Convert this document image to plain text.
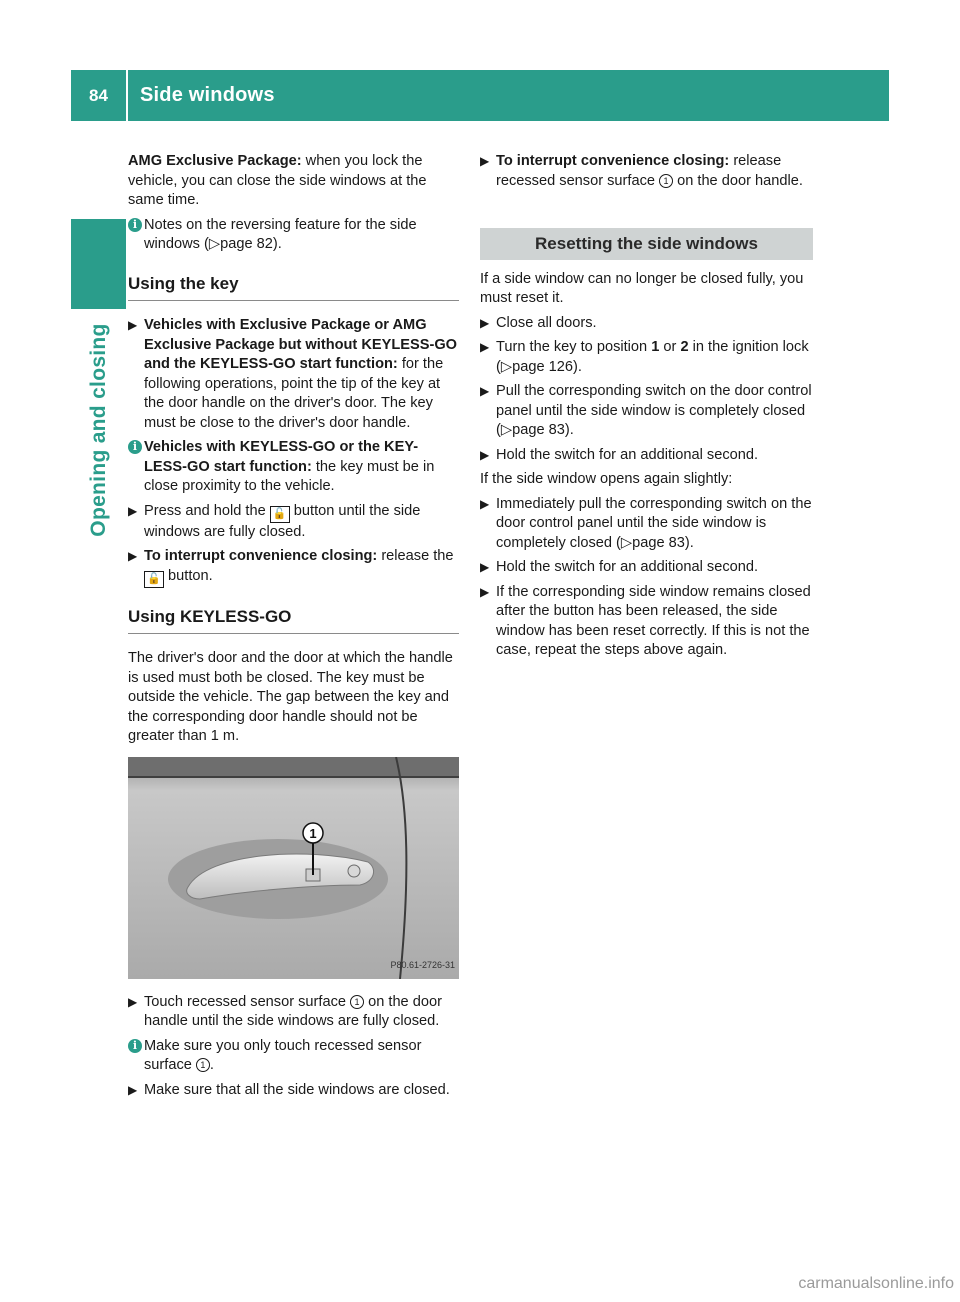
84	Side windows
Opening and closing

AMG Exclusive Package: when you lock the vehicle, you can close the side windows at the same time.

i Notes on the reversing feature for the side windows (▷page 82).
Using the key
▶ Vehicles with Exclusive Package or AMG Exclusive Package but without KEYLESS-GO and the KEYLESS-GO start function: for the following operations, point the tip of the key at the door handle on the driver's door. The key must be close to the driver's door handle.
i Vehicles with KEYLESS-GO or the KEY-LESS-GO start function: the key must be in close proximity to the vehicle.
▶ Press and hold the 🔓 button until the side windows are fully closed.
▶ To interrupt convenience closing: release the 🔓 button.
Using KEYLESS-GO

The driver's door and the door at which the handle is used must both be closed. The key must be outside the vehicle. The gap between the key and the corresponding door handle should not be greater than 1 m.

1
P80.61-2726-31
▶ Touch recessed sensor surface 1 on the door handle until the side windows are fully closed.
i Make sure you only touch recessed sensor surface 1 .
▶ Make sure that all the side windows are closed.
▶ To interrupt convenience closing: release recessed sensor surface 1 on the door handle.
Resetting the side windows

If a side window can no longer be closed fully, you must reset it.

▶ Close all doors.
▶ Turn the key to position 1 or 2 in the ignition lock (▷page 126).
▶ Pull the corresponding switch on the door control panel until the side window is completely closed (▷page 83).
▶ Hold the switch for an additional second.

If the side window opens again slightly:

▶ Immediately pull the corresponding switch on the door control panel until the side window is completely closed (▷page 83).
▶ Hold the switch for an additional second.
▶ If the corresponding side window remains closed after the button has been released, the side window has been reset correctly. If this is not the case, repeat the steps above again.
carmanualsonline.info
